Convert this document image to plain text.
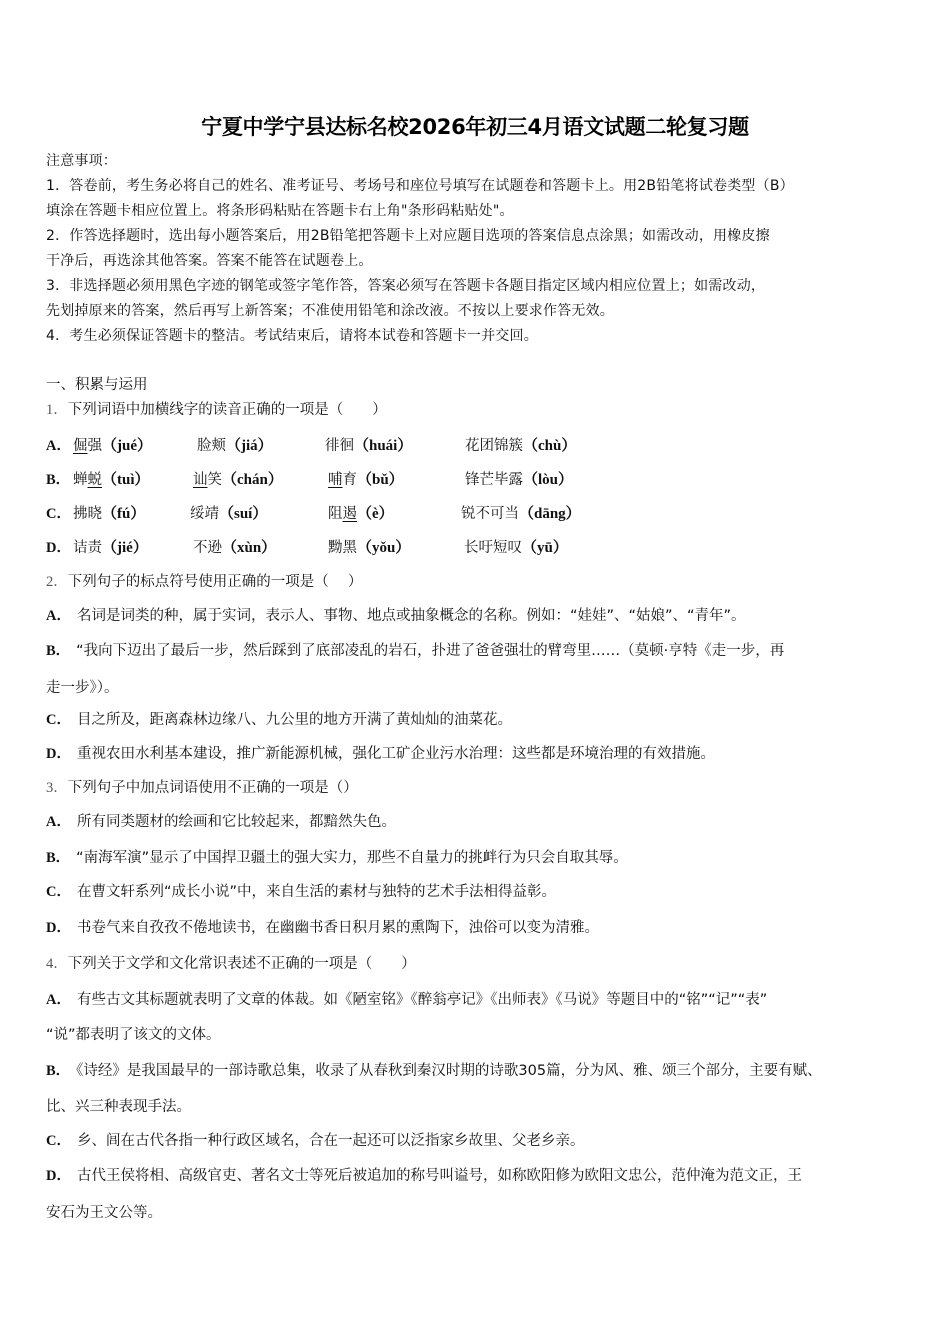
宁夏中学宁县达标名校2026年初三4月语文试题二轮复习题
注意事项：
1．答卷前，考生务必将自己的姓名、准考证号、考场号和座位号填写在试题卷和答题卡上。用2B铅笔将试卷类型（B）
填涂在答题卡相应位置上。将条形码粘贴在答题卡右上角"条形码粘贴处"。
2．作答选择题时，选出每小题答案后，用2B铅笔把答题卡上对应题目选项的答案信息点涂黑；如需改动，用橡皮擦
干净后，再选涂其他答案。答案不能答在试题卷上。
3．非选择题必须用黑色字迹的钢笔或签字笔作答，答案必须写在答题卡各题目指定区域内相应位置上；如需改动，
先划掉原来的答案，然后再写上新答案；不准使用铅笔和涂改液。不按以上要求作答无效。
4．考生必须保证答题卡的整洁。考试结束后，请将本试卷和答题卡一并交回。
一、积累与运用
1．下列词语中加横线字的读音正确的一项是（　　）
A． 倔强（jué）	脸颊（jiá）	徘徊（huái）	花团锦簇（chù）
B． 蝉蜕（tuì）	讪笑（chán）	哺育（bǔ）	锋芒毕露（lòu）
C． 拂晓（fú）	绥靖（suí）	阻遏（è）	锐不可当（dāng）
D． 诘责（jié）	不逊（xùn）	黝黑（yǒu）	长吁短叹（yū）
2．下列句子的标点符号使用正确的一项是（　 ）
A． 名词是词类的种，属于实词，表示人、事物、地点或抽象概念的名称。例如：“娃娃”、“姑娘”、“青年”。
B． “我向下迈出了最后一步，然后踩到了底部凌乱的岩石，扑进了爸爸强壮的臂弯里……（莫顿·亨特《走一步，再
走一步》）。
C． 目之所及，距离森林边缘八、九公里的地方开满了黄灿灿的油菜花。
D． 重视农田水利基本建设，推广新能源机械，强化工矿企业污水治理：这些都是环境治理的有效措施。
3．下列句子中加点词语使用不正确的一项是（）
A． 所有同类题材的绘画和它比较起来，都黯然失色。
B． “南海军演”显示了中国捍卫疆土的强大实力，那些不自量力的挑衅行为只会自取其辱。
C． 在曹文轩系列“成长小说”中，来自生活的素材与独特的艺术手法相得益彰。
D． 书卷气来自孜孜不倦地读书，在幽幽书香日积月累的熏陶下，浊俗可以变为清雅。
4．下列关于文学和文化常识表述不正确的一项是（　　）
A． 有些古文其标题就表明了文章的体裁。如《陋室铭》《醉翁亭记》《出师表》《马说》等题目中的“铭”“记”“表”
“说”都表明了该文的文体。
B． 《诗经》是我国最早的一部诗歌总集，收录了从春秋到秦汉时期的诗歌305篇，分为风、雅、颂三个部分，主要有赋、
比、兴三种表现手法。
C． 乡、闾在古代各指一种行政区域名，合在一起还可以泛指家乡故里、父老乡亲。
D． 古代王侯将相、高级官吏、著名文士等死后被追加的称号叫谥号，如称欧阳修为欧阳文忠公，范仲淹为范文正，王
安石为王文公等。
